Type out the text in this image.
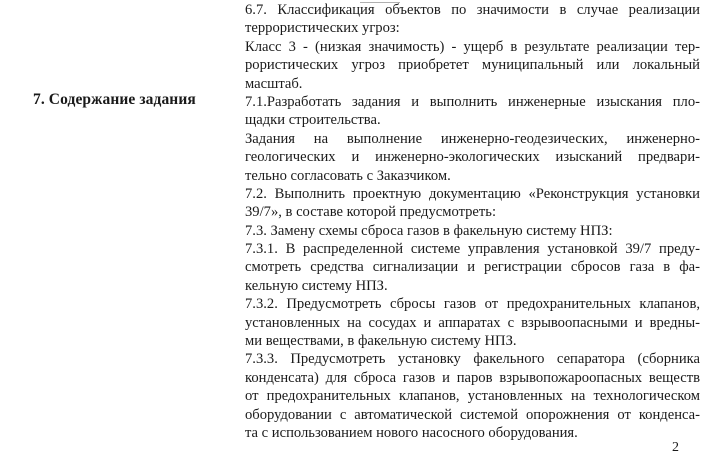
7. Содержание задания
6.7. Классификация объектов по значимости в случае реализации
террористических угроз:
Класс 3 - (низкая значимость) - ущерб в результате реализации тер-
рористических угроз приобретет муниципальный или локальный
масштаб.
7.1.Разработать задания и выполнить инженерные изыскания пло-
щадки строительства.
Задания на выполнение инженерно-геодезических, инженерно-
геологических и инженерно-экологических изысканий предвари-
тельно согласовать с Заказчиком.
7.2. Выполнить проектную документацию «Реконструкция установки
39/7», в составе которой предусмотреть:
7.3. Замену схемы сброса газов в факельную систему НПЗ:
7.3.1. В распределенной системе управления установкой 39/7 преду-
смотреть средства сигнализации и регистрации сбросов газа в фа-
кельную систему НПЗ.
7.3.2. Предусмотреть сбросы газов от предохранительных клапанов,
установленных на сосудах и аппаратах с взрывоопасными и вредны-
ми веществами, в факельную систему НПЗ.
7.3.3. Предусмотреть установку факельного сепаратора (сборника
конденсата) для сброса газов и паров взрывопожароопасных веществ
от предохранительных клапанов, установленных на технологическом
оборудовании с автоматической системой опорожнения от конденса-
та с использованием нового насосного оборудования.
2
